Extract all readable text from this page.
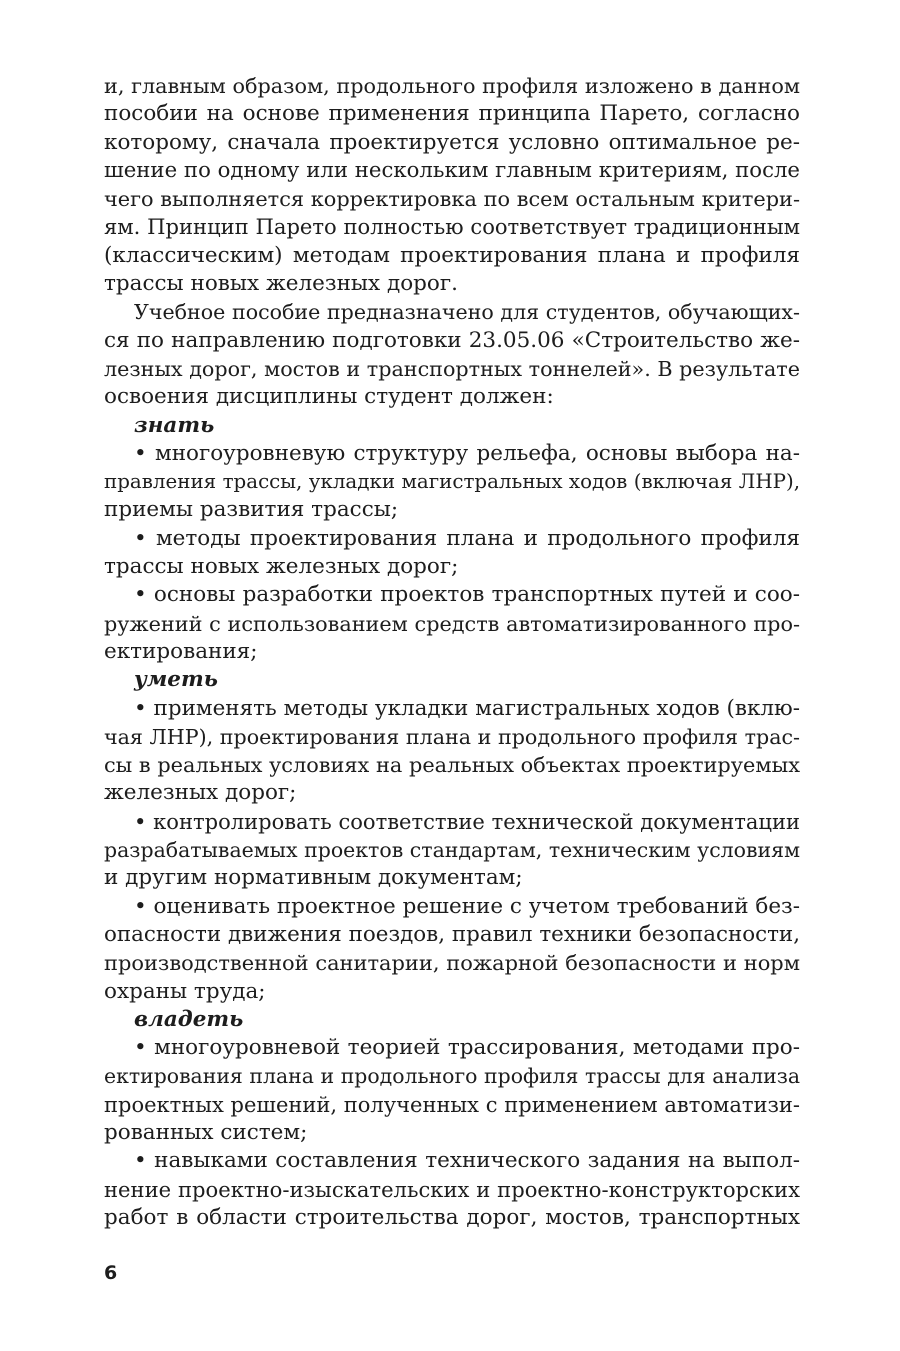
и, главным образом, продольного профиля изложено в данном
пособии на основе применения принципа Парето, согласно
которому, сначала проектируется условно оптимальное ре-
шение по одному или нескольким главным критериям, после
чего выполняется корректировка по всем остальным критери-
ям. Принцип Парето полностью соответствует традиционным
(классическим) методам проектирования плана и профиля
трассы новых железных дорог.
Учебное пособие предназначено для студентов, обучающих-
ся по направлению подготовки 23.05.06 «Строительство же-
лезных дорог, мостов и транспортных тоннелей». В результате
освоения дисциплины студент должен:
знать
• многоуровневую структуру рельефа, основы выбора на-
правления трассы, укладки магистральных ходов (включая ЛНР),
приемы развития трассы;
• методы проектирования плана и продольного профиля
трассы новых железных дорог;
• основы разработки проектов транспортных путей и соо-
ружений с использованием средств автоматизированного про-
ектирования;
уметь
• применять методы укладки магистральных ходов (вклю-
чая ЛНР), проектирования плана и продольного профиля трас-
сы в реальных условиях на реальных объектах проектируемых
железных дорог;
• контролировать соответствие технической документации
разрабатываемых проектов стандартам, техническим условиям
и другим нормативным документам;
• оценивать проектное решение с учетом требований без-
опасности движения поездов, правил техники безопасности,
производственной санитарии, пожарной безопасности и норм
охраны труда;
владеть
• многоуровневой теорией трассирования, методами про-
ектирования плана и продольного профиля трассы для анализа
проектных решений, полученных с применением автоматизи-
рованных систем;
• навыками составления технического задания на выпол-
нение проектно-изыскательских и проектно-конструкторских
работ в области строительства дорог, мостов, транспортных
6
